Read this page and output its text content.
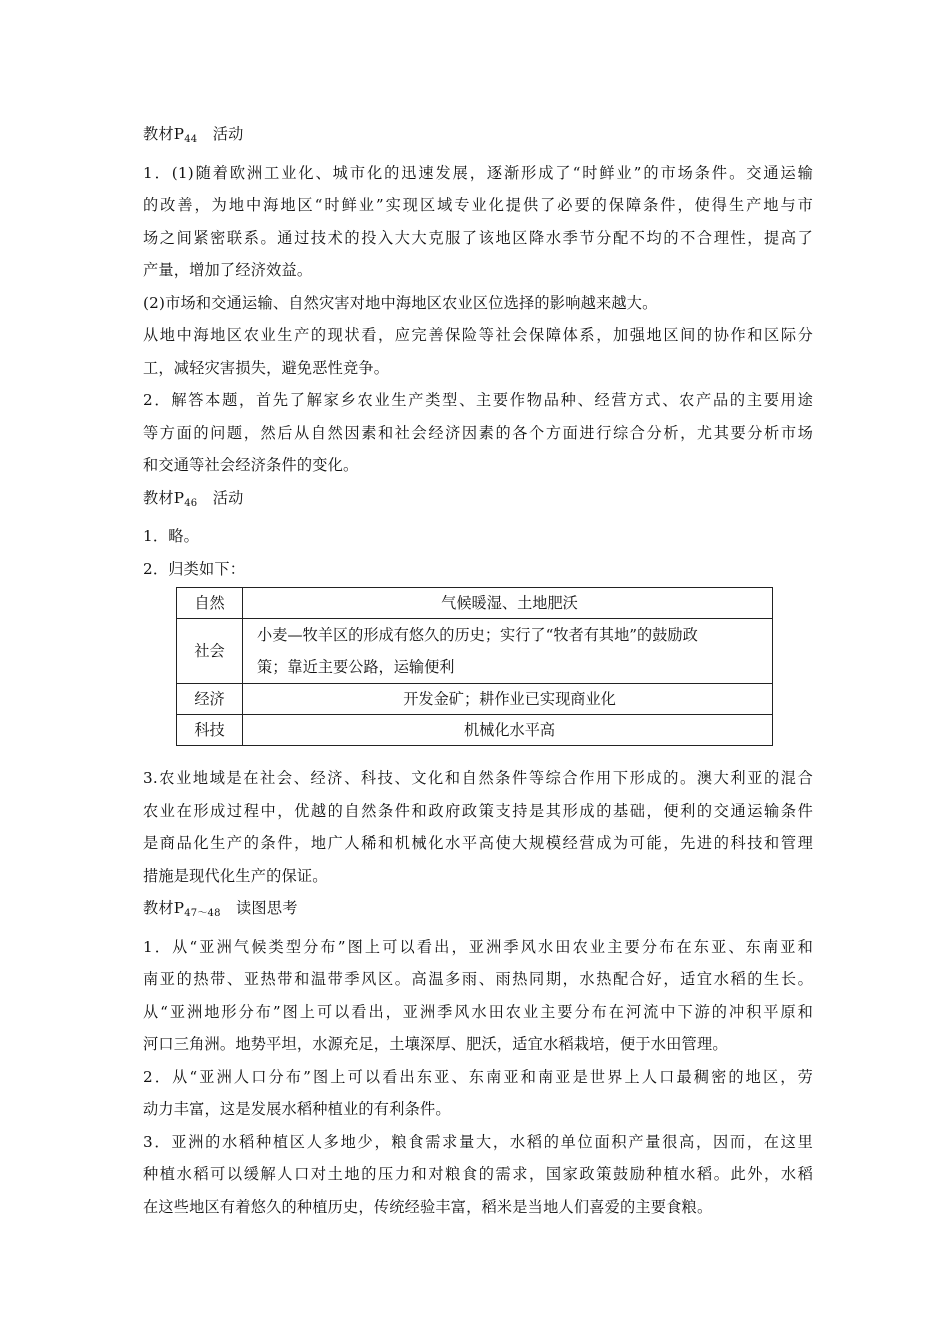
教材$P_{44}$　活动
1．(1)随着欧洲工业化、城市化的迅速发展，逐渐形成了“时鲜业”的市场条件。交通运输
的改善，为地中海地区“时鲜业”实现区域专业化提供了必要的保障条件，使得生产地与市
场之间紧密联系。通过技术的投入大大克服了该地区降水季节分配不均的不合理性，提高了
产量，增加了经济效益。
(2)市场和交通运输、自然灾害对地中海地区农业区位选择的影响越来越大。
从地中海地区农业生产的现状看，应完善保险等社会保障体系，加强地区间的协作和区际分
工，减轻灾害损失，避免恶性竞争。
2．解答本题，首先了解家乡农业生产类型、主要作物品种、经营方式、农产品的主要用途
等方面的问题，然后从自然因素和社会经济因素的各个方面进行综合分析，尤其要分析市场
和交通等社会经济条件的变化。
教材$P_{46}$　活动
1．略。
2．归类如下：
自然	气候暖湿、土地肥沃
社会	小麦—牧羊区的形成有悠久的历史；实行了“牧者有其地”的鼓励政
策；靠近主要公路，运输便利

经济	开发金矿；耕作业已实现商业化
科技	机械化水平高
3.农业地域是在社会、经济、科技、文化和自然条件等综合作用下形成的。澳大利亚的混合
农业在形成过程中，优越的自然条件和政府政策支持是其形成的基础，便利的交通运输条件
是商品化生产的条件，地广人稀和机械化水平高使大规模经营成为可能，先进的科技和管理
措施是现代化生产的保证。
教材$P_{47\sim 48}$　读图思考
1．从“亚洲气候类型分布”图上可以看出，亚洲季风水田农业主要分布在东亚、东南亚和
南亚的热带、亚热带和温带季风区。高温多雨、雨热同期，水热配合好，适宜水稻的生长。
从“亚洲地形分布”图上可以看出，亚洲季风水田农业主要分布在河流中下游的冲积平原和
河口三角洲。地势平坦，水源充足，土壤深厚、肥沃，适宜水稻栽培，便于水田管理。
2．从“亚洲人口分布”图上可以看出东亚、东南亚和南亚是世界上人口最稠密的地区，劳
动力丰富，这是发展水稻种植业的有利条件。
3．亚洲的水稻种植区人多地少，粮食需求量大，水稻的单位面积产量很高，因而，在这里
种植水稻可以缓解人口对土地的压力和对粮食的需求，国家政策鼓励种植水稻。此外，水稻
在这些地区有着悠久的种植历史，传统经验丰富，稻米是当地人们喜爱的主要食粮。
